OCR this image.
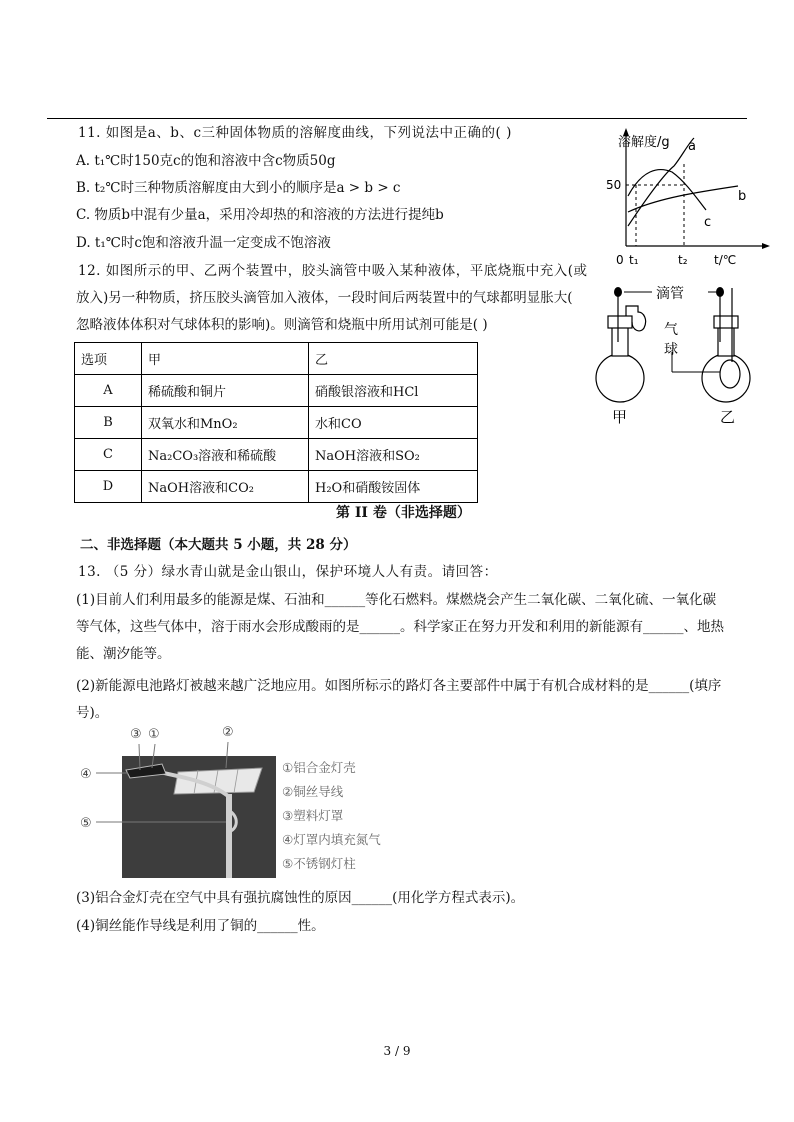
11. 如图是a、b、c三种固体物质的溶解度曲线，下列说法中正确的( )
A. t₁℃时150克c的饱和溶液中含c物质50g
B. t₂℃时三种物质溶解度由大到小的顺序是a > b > c
C. 物质b中混有少量a，采用冷却热的和溶液的方法进行提纯b
D. t₁℃时c饱和溶液升温一定变成不饱溶液
溶解度/g
50
0 t₁	t₂ t/℃
a
b
c
12. 如图所示的甲、乙两个装置中，胶头滴管中吸入某种液体，平底烧瓶中充入(或
放入)另一种物质，挤压胶头滴管加入液体，一段时间后两装置中的气球都明显胀大(
忽略液体体积对气球体积的影响)。则滴管和烧瓶中所用试剂可能是( )
滴管
气
球
甲	乙
选项	甲	乙
A	稀硫酸和铜片	硝酸银溶液和HCl
B	双氧水和MnO₂	水和CO
C	Na₂CO₃溶液和稀硫酸	NaOH溶液和SO₂
D	NaOH溶液和CO₂	H₂O和硝酸铵固体
第 II 卷（非选择题）
二、非选择题（本大题共 5 小题，共 28 分）
13. （5 分）绿水青山就是金山银山，保护环境人人有责。请回答：
(1)目前人们利用最多的能源是煤、石油和______等化石燃料。煤燃烧会产生二氧化碳、二氧化硫、一氧化碳
等气体，这些气体中，溶于雨水会形成酸雨的是______。科学家正在努力开发和利用的新能源有______、地热
能、潮汐能等。
(2)新能源电池路灯被越来越广泛地应用。如图所标示的路灯各主要部件中属于有机合成材料的是______(填序
号)。
③ ①	②
④
⑤
①铝合金灯壳
②铜丝导线
③塑料灯罩
④灯罩内填充氮气
⑤不锈钢灯柱
(3)铝合金灯壳在空气中具有强抗腐蚀性的原因______(用化学方程式表示)。
(4)铜丝能作导线是利用了铜的______性。
3 / 9
